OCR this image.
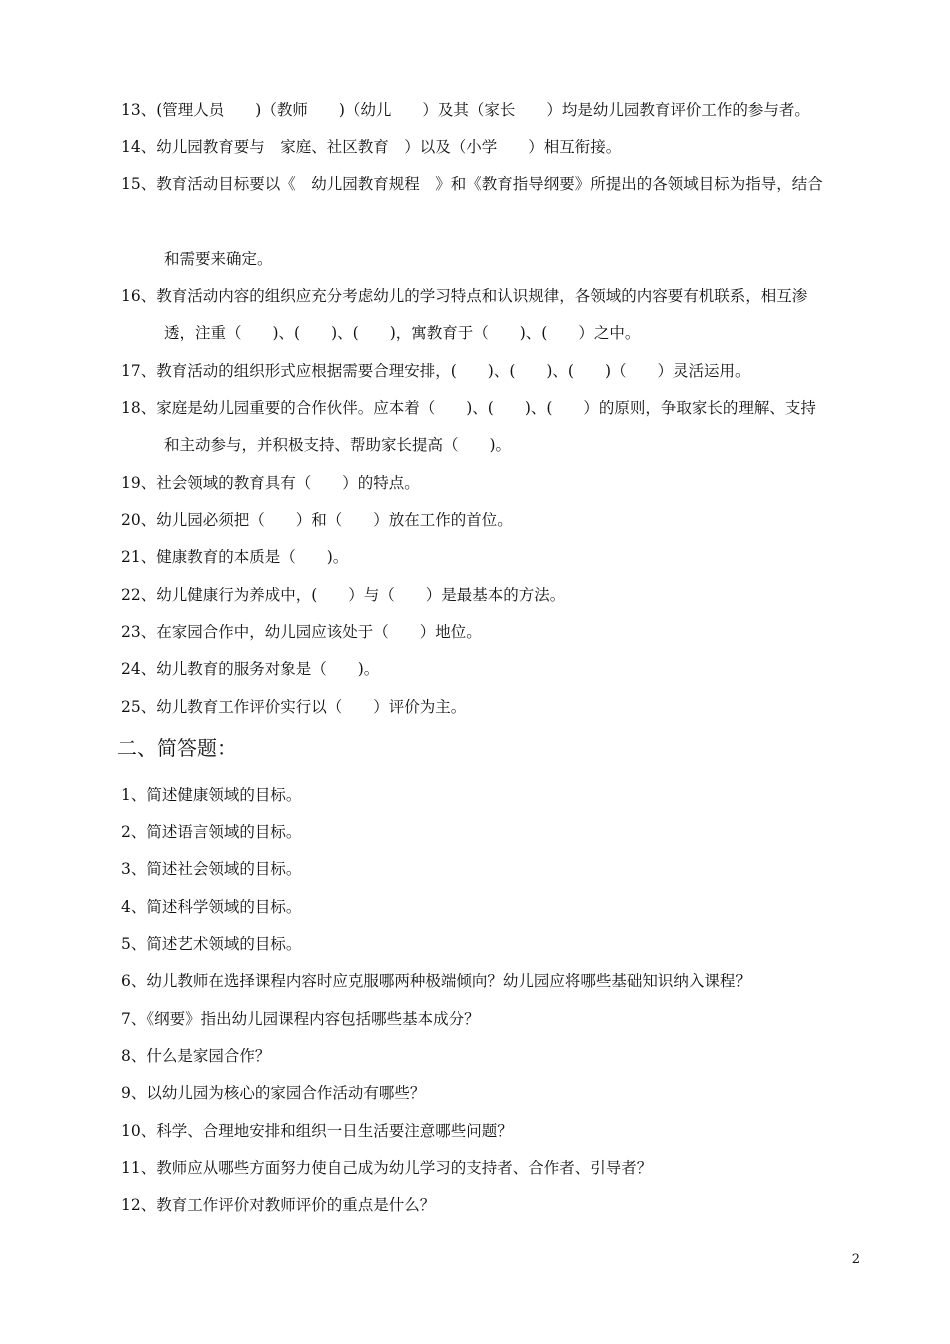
13、(管理人员　　)（教师　　)（幼儿　　）及其（家长　　）均是幼儿园教育评价工作的参与者。
14、幼儿园教育要与　家庭、社区教育　）以及（小学　　）相互衔接。
15、教育活动目标要以《　幼儿园教育规程　》和《教育指导纲要》所提出的各领域目标为指导，结合
和需要来确定。
16、教育活动内容的组织应充分考虑幼儿的学习特点和认识规律，各领域的内容要有机联系，相互渗
透，注重（　　)、(　　)、(　　)，寓教育于（　　)、(　　）之中。
17、教育活动的组织形式应根据需要合理安排，(　　)、(　　)、(　　)（　　）灵活运用。
18、家庭是幼儿园重要的合作伙伴。应本着（　　)、(　　)、(　　）的原则，争取家长的理解、支持
和主动参与，并积极支持、帮助家长提高（　　)。
19、社会领域的教育具有（　　）的特点。
20、幼儿园必须把（　　）和（　　）放在工作的首位。
21、健康教育的本质是（　　)。
22、幼儿健康行为养成中，(　　）与（　　）是最基本的方法。
23、在家园合作中，幼儿园应该处于（　　）地位。
24、幼儿教育的服务对象是（　　)。
25、幼儿教育工作评价实行以（　　）评价为主。
二、简答题：
1、简述健康领域的目标。
2、简述语言领域的目标。
3、简述社会领域的目标。
4、简述科学领域的目标。
5、简述艺术领域的目标。
6、幼儿教师在选择课程内容时应克服哪两种极端倾向？幼儿园应将哪些基础知识纳入课程？
7、《纲要》指出幼儿园课程内容包括哪些基本成分？
8、什么是家园合作？
9、以幼儿园为核心的家园合作活动有哪些？
10、科学、合理地安排和组织一日生活要注意哪些问题？
11、教师应从哪些方面努力使自己成为幼儿学习的支持者、合作者、引导者？
12、教育工作评价对教师评价的重点是什么？
2
